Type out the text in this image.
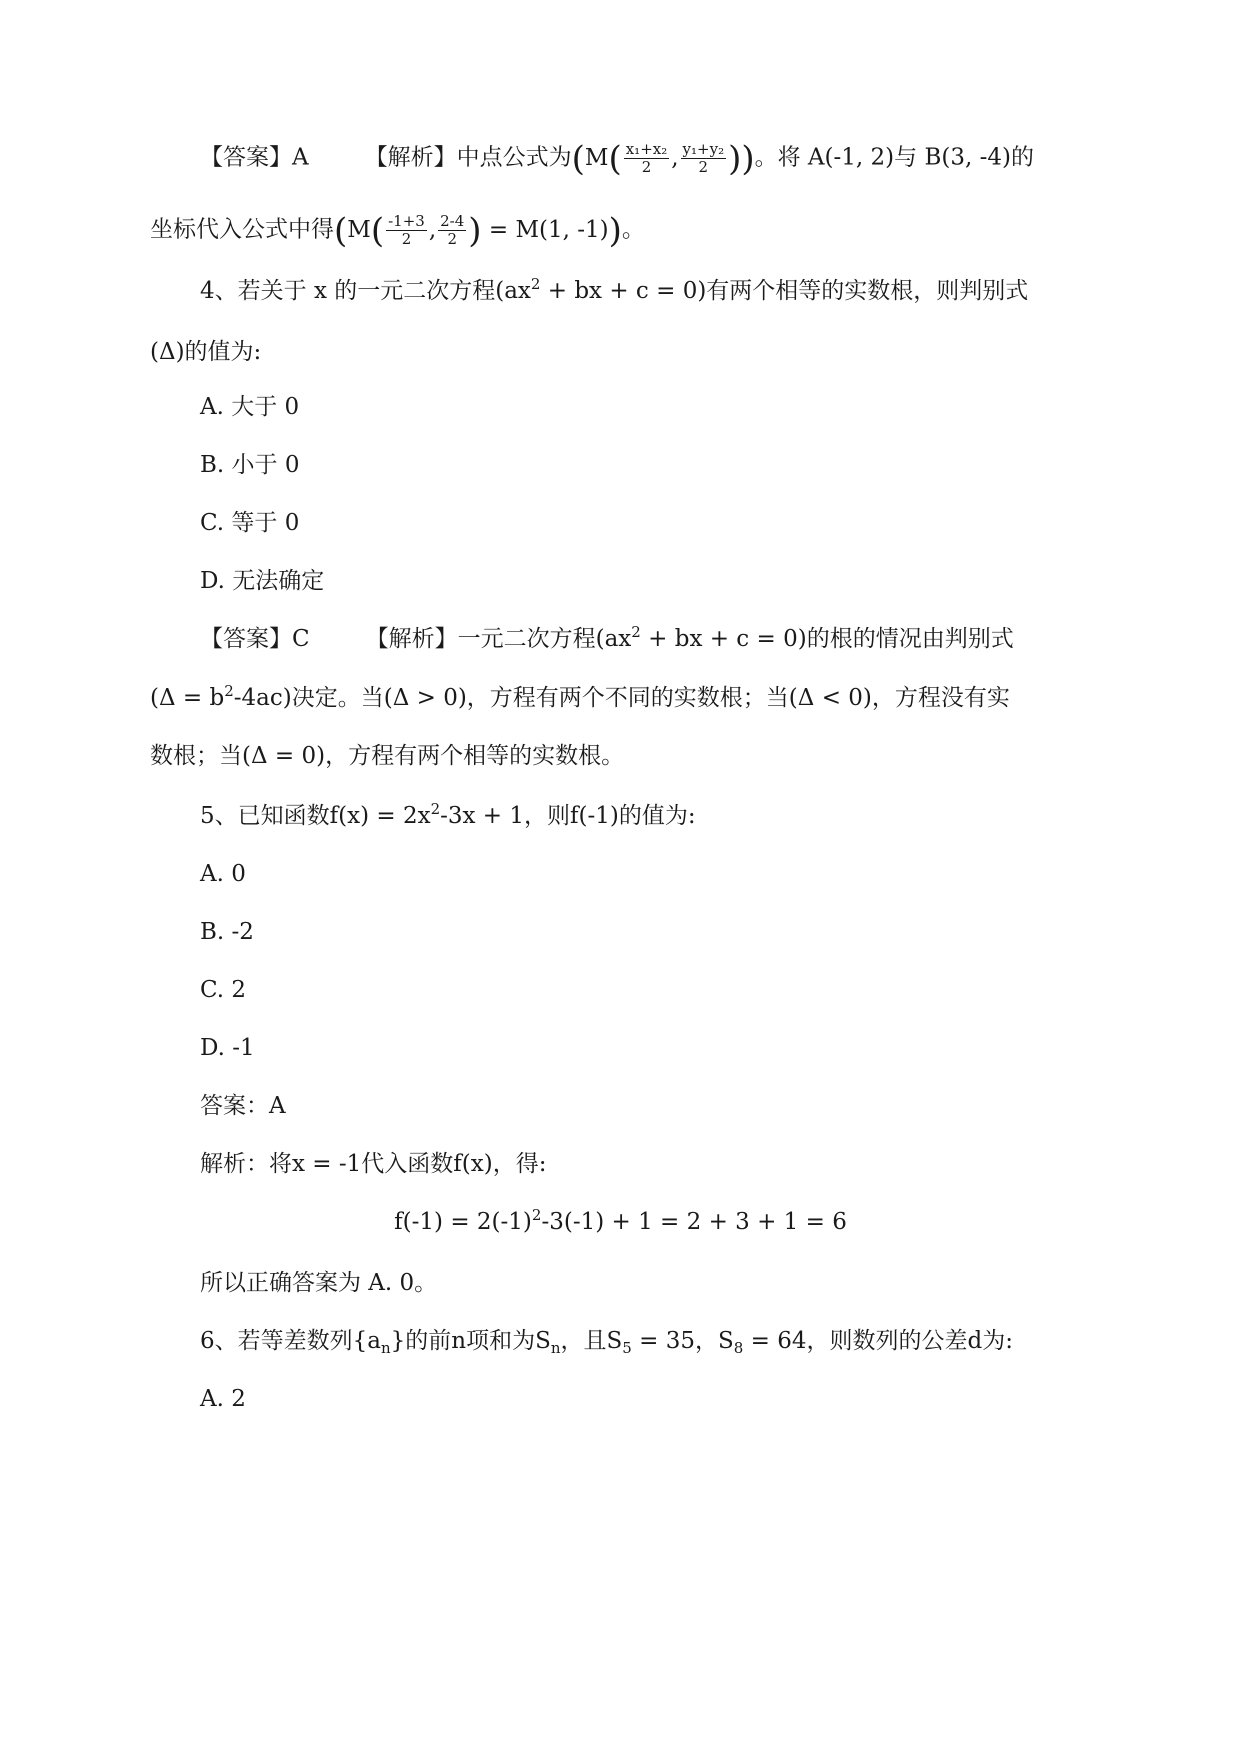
【答案】A 【解析】中点公式为($M( \frac{\text{x₁+x₂}}{2}$ , $\frac{\text{y₁+y₂}}{2}$ ))。将 A(-1, 2)与 B(3, -4)的
坐标代入公式中得($M( \frac{-1+3}{2}$ , $\frac{2-4}{2}$ ) = M(1, -1))。
4、若关于 x 的一元二次方程($ax^2$ + bx + c = 0)有两个相等的实数根，则判别式
(Δ)的值为:
A. 大于 0
B. 小于 0
C. 等于 0
D. 无法确定
【答案】C 【解析】一元二次方程($ax^2$ + bx + c = 0)的根的情况由判别式
$(\Delta = b^2-4ac)$决定。当(Δ > 0)，方程有两个不同的实数根；当(Δ < 0)，方程没有实
数根；当(Δ = 0)，方程有两个相等的实数根。
5、已知函数$f(x) = 2x^2-3x + 1$，则f(-1)的值为:
A. 0
B. -2
C. 2
D. -1
答案：A
解析：将x = -1代入函数f(x)，得:
$f(-1) = 2(-1)^2-3(-1) + 1 = 2 + 3 + 1 = 6$
所以正确答案为 A. 0。
6、若等差数列$\{a_n\}$的前n项和为$S_n$，且$S_5 = 35$，$S_8 = 64$，则数列的公差d为:
A. 2
